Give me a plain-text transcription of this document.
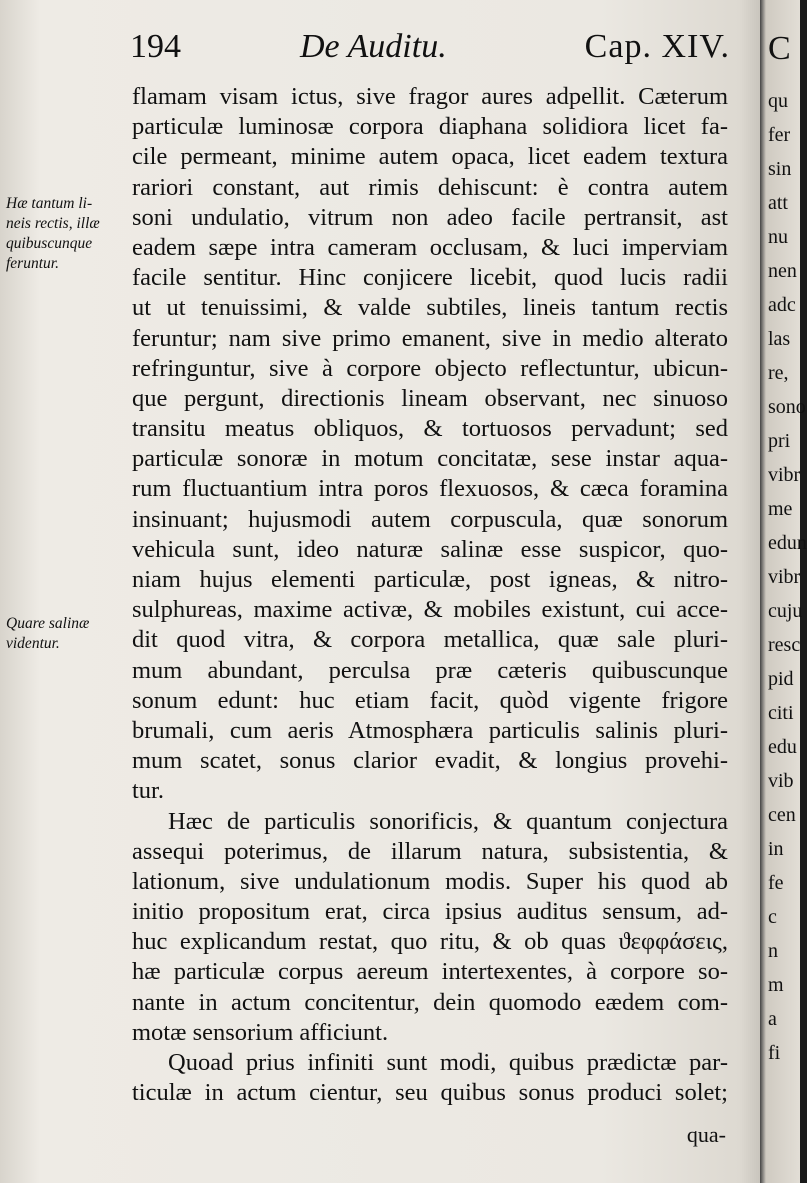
194	De Auditu.	Cap. XIV.
Hæ tantum li-
neis rectis, illæ
quibuscunque
feruntur.
Quare salinæ
videntur.
flamam visam ictus, sive fragor aures adpellit. Cæterum
particulæ luminosæ corpora diaphana solidiora licet fa-
cile permeant, minime autem opaca, licet eadem textura
rariori constant, aut rimis dehiscunt: è contra autem
soni undulatio, vitrum non adeo facile pertransit, ast
eadem sæpe intra cameram occlusam, & luci imperviam
facile sentitur. Hinc conjicere licebit, quod lucis radii
ut ut tenuissimi, & valde subtiles, lineis tantum rectis
feruntur; nam sive primo emanent, sive in medio alterato
refringuntur, sive à corpore objecto reflectuntur, ubicun-
que pergunt, directionis lineam observant, nec sinuoso
transitu meatus obliquos, & tortuosos pervadunt; sed
particulæ sonoræ in motum concitatæ, sese instar aqua-
rum fluctuantium intra poros flexuosos, & cæca foramina
insinuant; hujusmodi autem corpuscula, quæ sonorum
vehicula sunt, ideo naturæ salinæ esse suspicor, quo-
niam hujus elementi particulæ, post igneas, & nitro-
sulphureas, maxime activæ, & mobiles existunt, cui acce-
dit quod vitra, & corpora metallica, quæ sale pluri-
mum abundant, perculsa præ cæteris quibuscunque
sonum edunt: huc etiam facit, quòd vigente frigore
brumali, cum aeris Atmosphæra particulis salinis pluri-
mum scatet, sonus clarior evadit, & longius provehi-
tur.
Hæc de particulis sonorificis, & quantum conjectura
assequi poterimus, de illarum natura, subsistentia, &
lationum, sive undulationum modis. Super his quod ab
initio propositum erat, circa ipsius auditus sensum, ad-
huc explicandum restat, quo ritu, & ob quas ϑεφφάσεις,
hæ particulæ corpus aereum intertexentes, à corpore so-
nante in actum concitentur, dein quomodo eædem com-
motæ sensorium afficiunt.
Quoad prius infiniti sunt modi, quibus prædictæ par-
ticulæ in actum cientur, seu quibus sonus produci solet;
qua-
C
qu
fer
sin
att
nu
nen
adc
las
re,
sono
pri
vibr
me
edun
vibr
cuju
resc
pid
citi
edu
vib
cen
in
fe
c
n
m
a
fi
